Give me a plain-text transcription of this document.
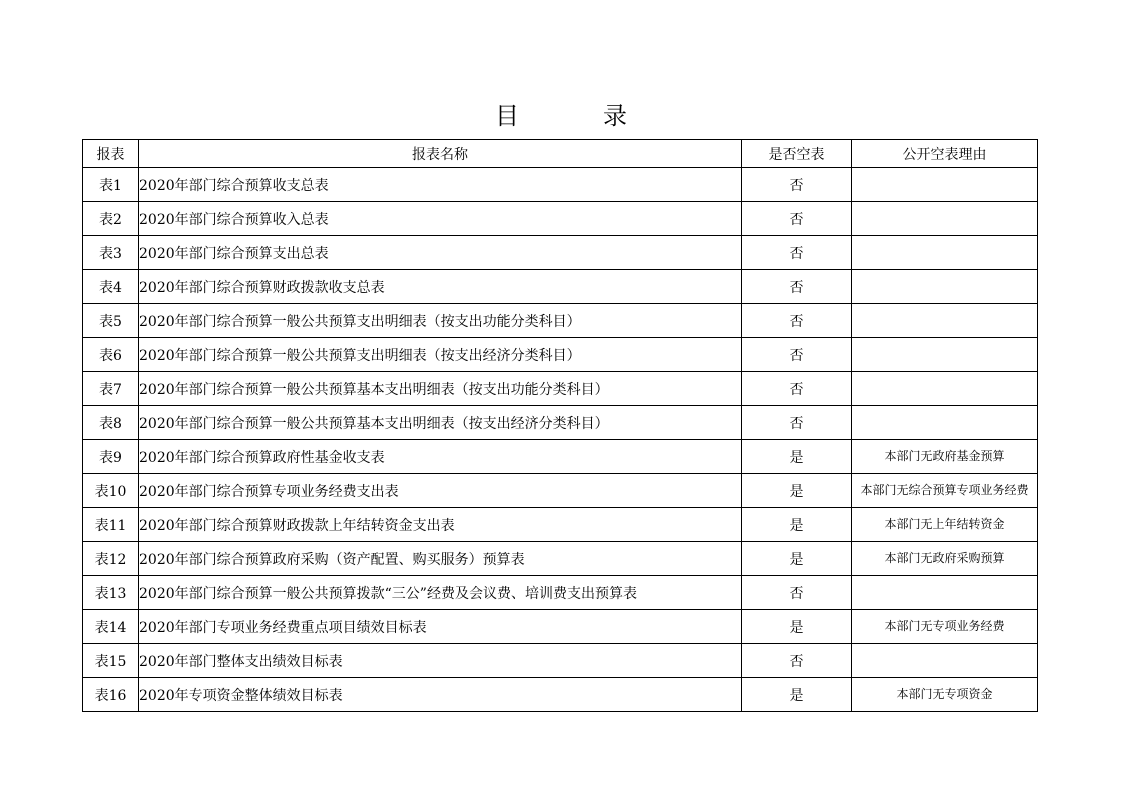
目　录
报表	报表名称	是否空表	公开空表理由
表1	2020年部门综合预算收支总表	否	
表2	2020年部门综合预算收入总表	否	
表3	2020年部门综合预算支出总表	否	
表4	2020年部门综合预算财政拨款收支总表	否	
表5	2020年部门综合预算一般公共预算支出明细表（按支出功能分类科目）	否	
表6	2020年部门综合预算一般公共预算支出明细表（按支出经济分类科目）	否	
表7	2020年部门综合预算一般公共预算基本支出明细表（按支出功能分类科目）	否	
表8	2020年部门综合预算一般公共预算基本支出明细表（按支出经济分类科目）	否	
表9	2020年部门综合预算政府性基金收支表	是	本部门无政府基金预算
表10	2020年部门综合预算专项业务经费支出表	是	本部门无综合预算专项业务经费
表11	2020年部门综合预算财政拨款上年结转资金支出表	是	本部门无上年结转资金
表12	2020年部门综合预算政府采购（资产配置、购买服务）预算表	是	本部门无政府采购预算
表13	2020年部门综合预算一般公共预算拨款“三公”经费及会议费、培训费支出预算表	否	
表14	2020年部门专项业务经费重点项目绩效目标表	是	本部门无专项业务经费
表15	2020年部门整体支出绩效目标表	否	
表16	2020年专项资金整体绩效目标表	是	本部门无专项资金
